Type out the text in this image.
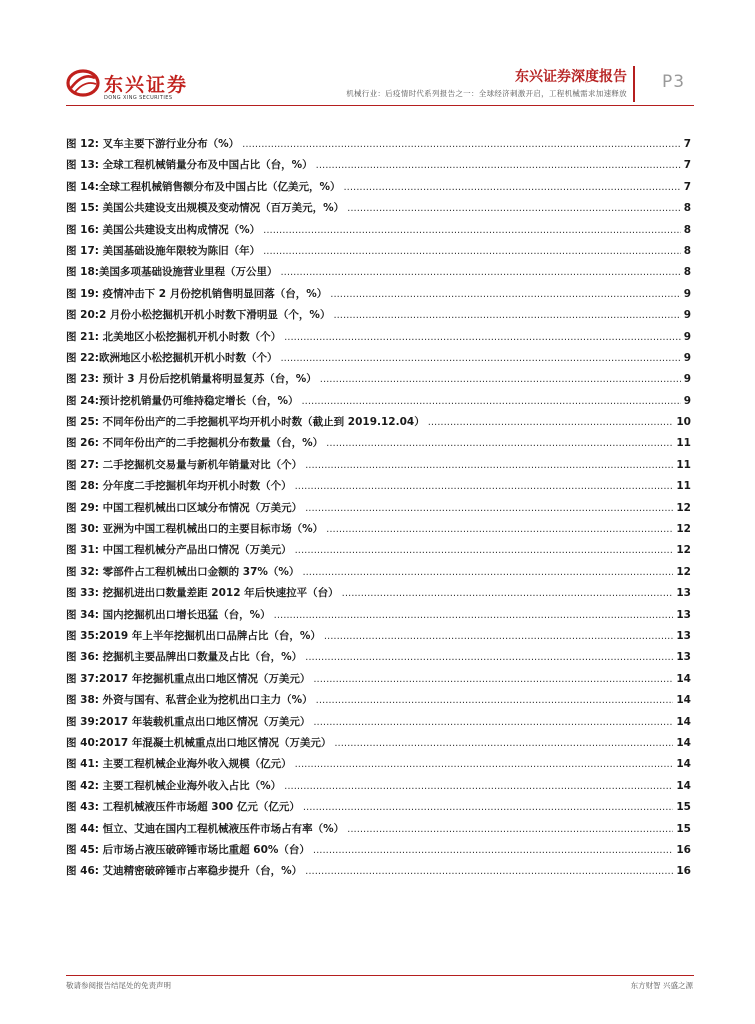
东兴证券
DONG XING SECURITIES
东兴证券深度报告
机械行业：后疫情时代系列报告之一：全球经济刺激开启，工程机械需求加速释放
P3
图 12: 叉车主要下游行业分布（%） .....	7
图 13: 全球工程机械销量分布及中国占比（台，%） .....	7
图 14:全球工程机械销售额分布及中国占比（亿美元，%） .....	7
图 15: 美国公共建设支出规模及变动情况（百万美元，%） .....	8
图 16: 美国公共建设支出构成情况（%） .....	8
图 17: 美国基础设施年限较为陈旧（年） .....	8
图 18:美国多项基础设施营业里程（万公里） .....	8
图 19: 疫情冲击下 2 月份挖机销售明显回落（台，%） .....	9
图 20:2 月份小松挖掘机开机小时数下滑明显（个，%） .....	9
图 21: 北美地区小松挖掘机开机小时数（个） .....	9
图 22:欧洲地区小松挖掘机开机小时数（个） .....	9
图 23: 预计 3 月份后挖机销量将明显复苏（台，%） .....	9
图 24:预计挖机销量仍可维持稳定增长（台，%） .....	9
图 25: 不同年份出产的二手挖掘机平均开机小时数（截止到 2019.12.04） .....	10
图 26: 不同年份出产的二手挖掘机分布数量（台，%） .....	11
图 27: 二手挖掘机交易量与新机年销量对比（个） .....	11
图 28: 分年度二手挖掘机年均开机小时数（个） .....	11
图 29: 中国工程机械出口区域分布情况（万美元） .....	12
图 30: 亚洲为中国工程机械出口的主要目标市场（%） .....	12
图 31: 中国工程机械分产品出口情况（万美元） .....	12
图 32: 零部件占工程机械出口金额的 37%（%） .....	12
图 33: 挖掘机进出口数量差距 2012 年后快速拉平（台） .....	13
图 34: 国内挖掘机出口增长迅猛（台，%） .....	13
图 35:2019 年上半年挖掘机出口品牌占比（台，%） .....	13
图 36: 挖掘机主要品牌出口数量及占比（台，%） .....	13
图 37:2017 年挖掘机重点出口地区情况（万美元） .....	14
图 38: 外资与国有、私营企业为挖机出口主力（%） .....	14
图 39:2017 年装载机重点出口地区情况（万美元） .....	14
图 40:2017 年混凝土机械重点出口地区情况（万美元） .....	14
图 41: 主要工程机械企业海外收入规模（亿元） .....	14
图 42: 主要工程机械企业海外收入占比（%） .....	14
图 43: 工程机械液压件市场超 300 亿元（亿元） .....	15
图 44: 恒立、艾迪在国内工程机械液压件市场占有率（%） .....	15
图 45: 后市场占液压破碎锤市场比重超 60%（台） .....	16
图 46: 艾迪精密破碎锤市占率稳步提升（台，%） .....	16
敬请参阅报告结尾处的免责声明	东方财智 兴盛之源
